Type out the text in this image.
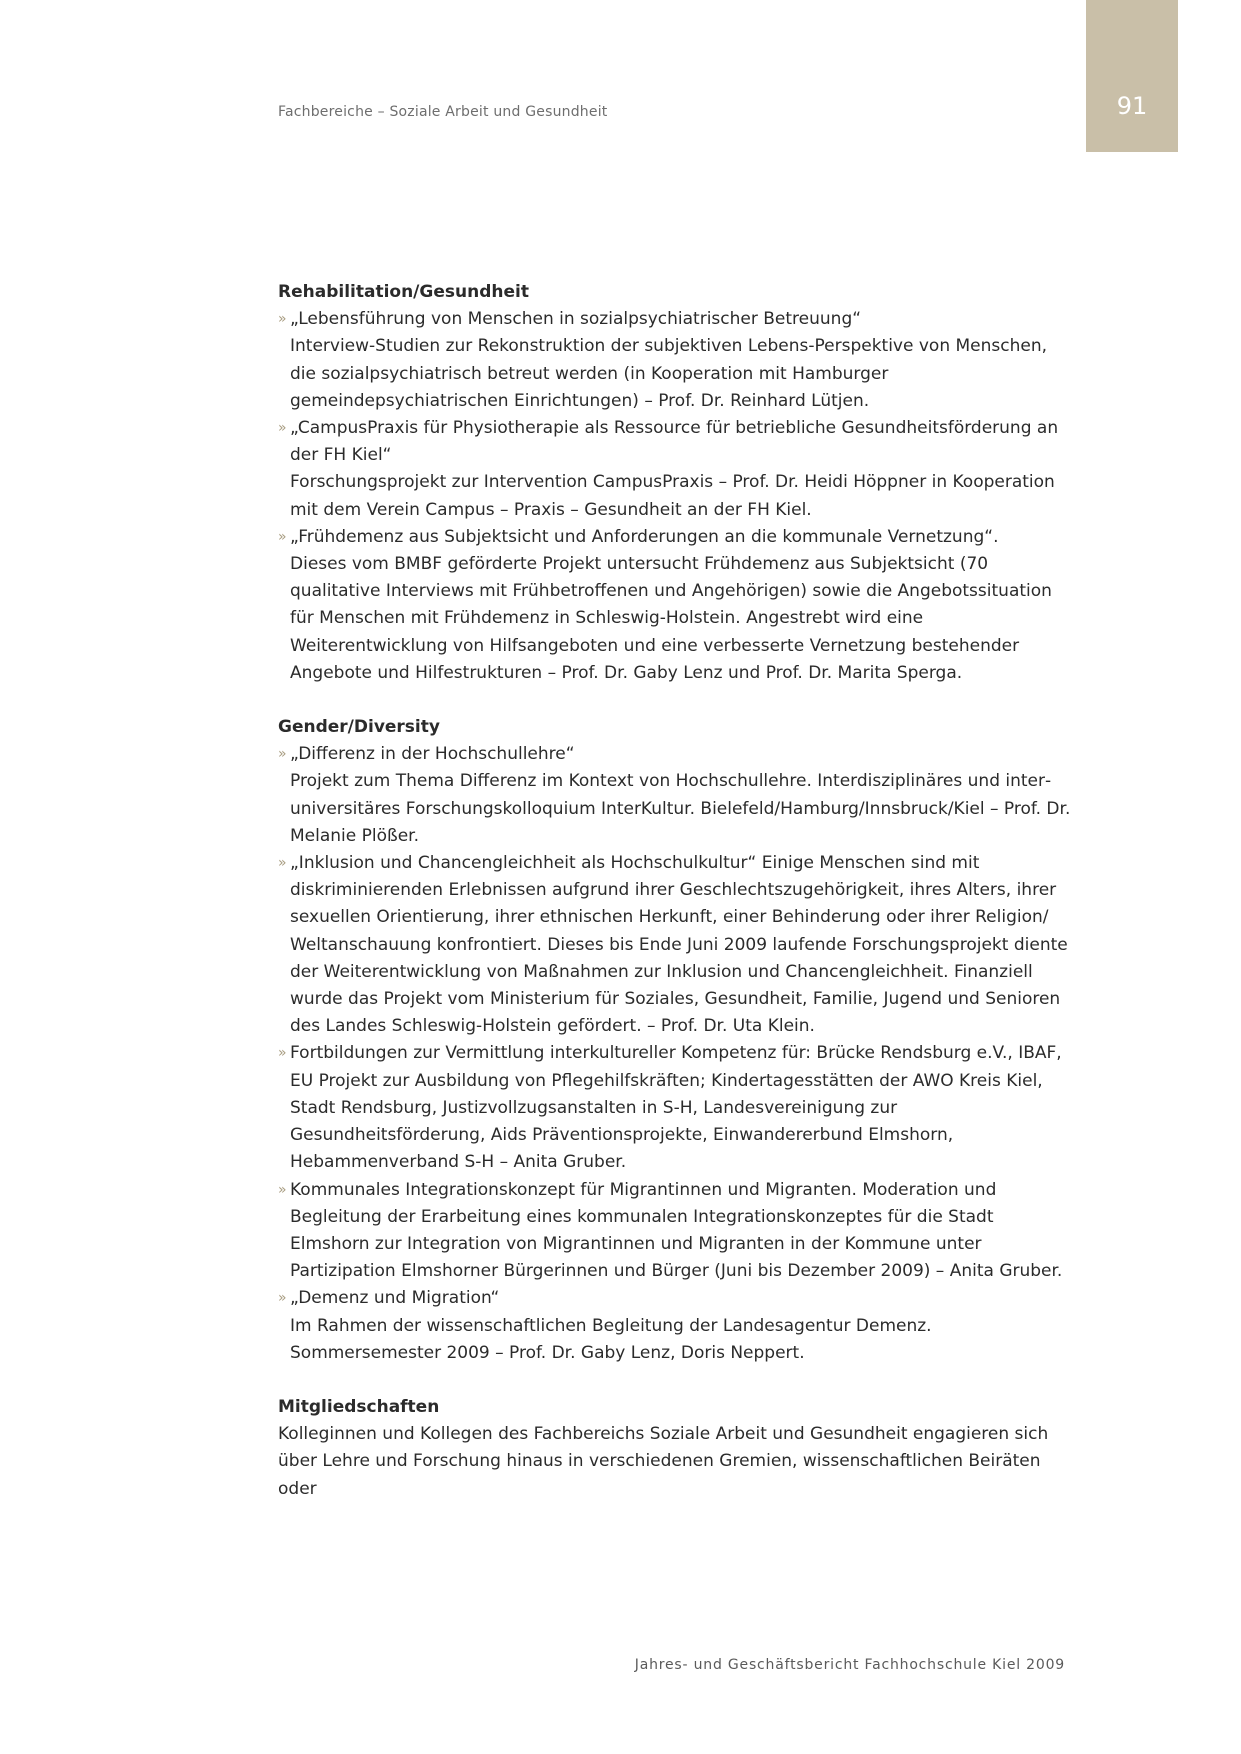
Fachbereiche – Soziale Arbeit und Gesundheit	91
Rehabilitation/Gesundheit
» „Lebensführung von Menschen in sozialpsychiatrischer Betreuung“
Interview-Studien zur Rekonstruktion der subjektiven Lebens-Perspektive von Menschen, die sozialpsychiatrisch betreut werden (in Kooperation mit Hamburger gemeindepsychiatrischen Einrichtungen) – Prof. Dr. Reinhard Lütjen.
» „CampusPraxis für Physiotherapie als Ressource für betriebliche Gesundheitsförderung an der FH Kiel“
Forschungsprojekt zur Intervention CampusPraxis – Prof. Dr. Heidi Höppner in Kooperation mit dem Verein Campus – Praxis – Gesundheit an der FH Kiel.
» „Frühdemenz aus Subjektsicht und Anforderungen an die kommunale Vernetzung“.
Dieses vom BMBF geförderte Projekt untersucht Frühdemenz aus Subjektsicht (70 qualitative Interviews mit Frühbetroffenen und Angehörigen) sowie die Angebotssituation für Menschen mit Frühdemenz in Schleswig-Holstein. Angestrebt wird eine Weiterentwicklung von Hilfsangeboten und eine verbesserte Vernetzung bestehender Angebote und Hilfestrukturen – Prof. Dr. Gaby Lenz und Prof. Dr. Marita Sperga.
Gender/Diversity
» „Differenz in der Hochschullehre“
Projekt zum Thema Differenz im Kontext von Hochschullehre. Interdisziplinäres und interuniversitäres Forschungskolloquium InterKultur. Bielefeld/Hamburg/Innsbruck/Kiel – Prof. Dr. Melanie Plößer.
» „Inklusion und Chancengleichheit als Hochschulkultur“ Einige Menschen sind mit diskriminierenden Erlebnissen aufgrund ihrer Geschlechtszugehörigkeit, ihres Alters, ihrer sexuellen Orientierung, ihrer ethnischen Herkunft, einer Behinderung oder ihrer Religion/ Weltanschauung konfrontiert. Dieses bis Ende Juni 2009 laufende Forschungsprojekt diente der Weiterentwicklung von Maßnahmen zur Inklusion und Chancengleichheit. Finanziell wurde das Projekt vom Ministerium für Soziales, Gesundheit, Familie, Jugend und Senioren des Landes Schleswig-Holstein gefördert. – Prof. Dr. Uta Klein.
» Fortbildungen zur Vermittlung interkultureller Kompetenz für: Brücke Rendsburg e.V., IBAF, EU Projekt zur Ausbildung von Pflegehilfskräften; Kindertagesstätten der AWO Kreis Kiel, Stadt Rendsburg, Justizvollzugsanstalten in S-H, Landesvereinigung zur Gesundheitsförderung, Aids Präventionsprojekte, Einwandererbund Elmshorn, Hebammenverband S-H – Anita Gruber.
» Kommunales Integrationskonzept für Migrantinnen und Migranten. Moderation und Begleitung der Erarbeitung eines kommunalen Integrationskonzeptes für die Stadt Elmshorn zur Integration von Migrantinnen und Migranten in der Kommune unter Partizipation Elmshorner Bürgerinnen und Bürger (Juni bis Dezember 2009) – Anita Gruber.
» „Demenz und Migration“
Im Rahmen der wissenschaftlichen Begleitung der Landesagentur Demenz. Sommersemester 2009 – Prof. Dr. Gaby Lenz, Doris Neppert.
Mitgliedschaften
Kolleginnen und Kollegen des Fachbereichs Soziale Arbeit und Gesundheit engagieren sich über Lehre und Forschung hinaus in verschiedenen Gremien, wissenschaftlichen Beiräten oder
Jahres- und Geschäftsbericht Fachhochschule Kiel 2009
